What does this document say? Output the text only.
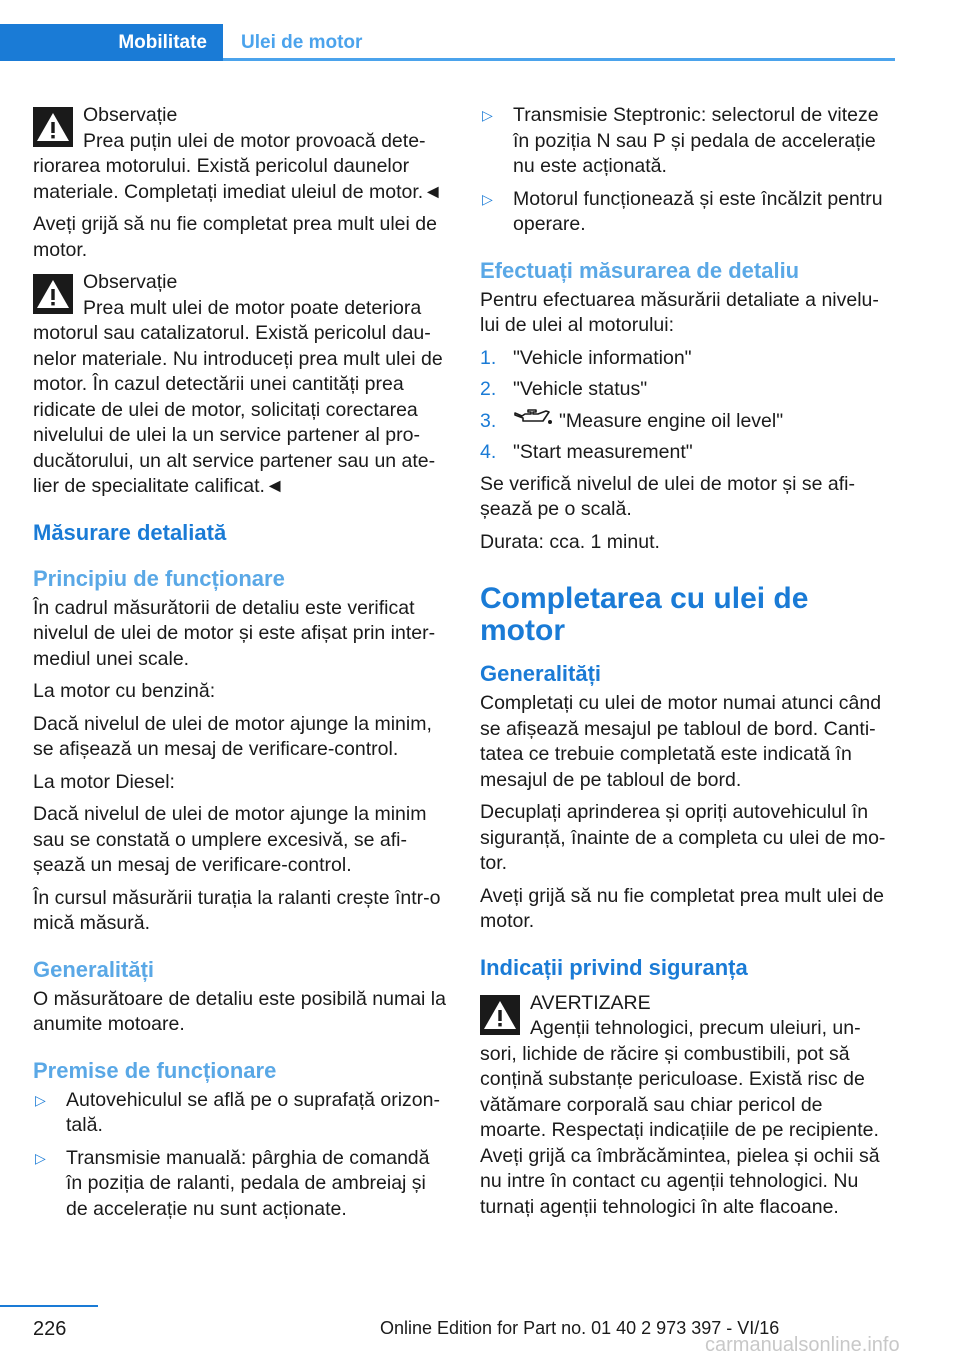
Mobilitate Ulei de motor

Observație

Prea puțin ulei de motor provoacă dete-riorarea motorului. Există pericolul daunelor materiale. Completați imediat uleiul de motor.◄

Aveți grijă să nu fie completat prea mult ulei de motor.

Observație

Prea mult ulei de motor poate deteriora motorul sau catalizatorul. Există pericolul dau-nelor materiale. Nu introduceți prea mult ulei de motor. În cazul detectării unei cantități prea ridicate de ulei de motor, solicitați corectarea nivelului de ulei la un service partener al pro-ducătorului, un alt service partener sau un ate-lier de specialitate calificat.◄

Măsurare detaliată
Principiu de funcționare

În cadrul măsurătorii de detaliu este verificat nivelul de ulei de motor și este afișat prin inter-mediul unei scale.

La motor cu benzină:

Dacă nivelul de ulei de motor ajunge la minim, se afișează un mesaj de verificare-control.

La motor Diesel:

Dacă nivelul de ulei de motor ajunge la minim sau se constată o umplere excesivă, se afi-șează un mesaj de verificare-control.

În cursul măsurării turația la ralanti crește într-o mică măsură.

Generalități

O măsurătoare de detaliu este posibilă numai la anumite motoare.

Premise de funcționare
▷ Autovehiculul se află pe o suprafață orizon-tală.
▷ Transmisie manuală: pârghia de comandă în poziția de ralanti, pedala de ambreiaj și de accelerație nu sunt acționate.
▷ Transmisie Steptronic: selectorul de viteze în poziția N sau P și pedala de accelerație nu este acționată.
▷ Motorul funcționează și este încălzit pentru operare.
Efectuați măsurarea de detaliu

Pentru efectuarea măsurării detaliate a nivelu-lui de ulei al motorului:

1. "Vehicle information"
2. "Vehicle status"
3.	"Measure engine oil level"
4. "Start measurement"

Se verifică nivelul de ulei de motor și se afi-șează pe o scală.

Durata: cca. 1 minut.

Completarea cu ulei de motor
Generalități

Completați cu ulei de motor numai atunci când se afișează mesajul pe tabloul de bord. Canti-tatea ce trebuie completată este indicată în mesajul de pe tabloul de bord.

Decuplați aprinderea și opriți autovehiculul în siguranță, înainte de a completa cu ulei de mo-tor.

Aveți grijă să nu fie completat prea mult ulei de motor.

Indicații privind siguranța

AVERTIZARE

Agenții tehnologici, precum uleiuri, un-sori, lichide de răcire și combustibili, pot să conțină substanțe periculoase. Există risc de vătămare corporală sau chiar pericol de moarte. Respectați indicațiile de pe recipiente. Aveți grijă ca îmbrăcămintea, pielea și ochii să nu intre în contact cu agenții tehnologici. Nu turnați agenții tehnologici în alte flacoane.

226	Online Edition for Part no. 01 40 2 973 397 - VI/16
carmanualsonline.info
